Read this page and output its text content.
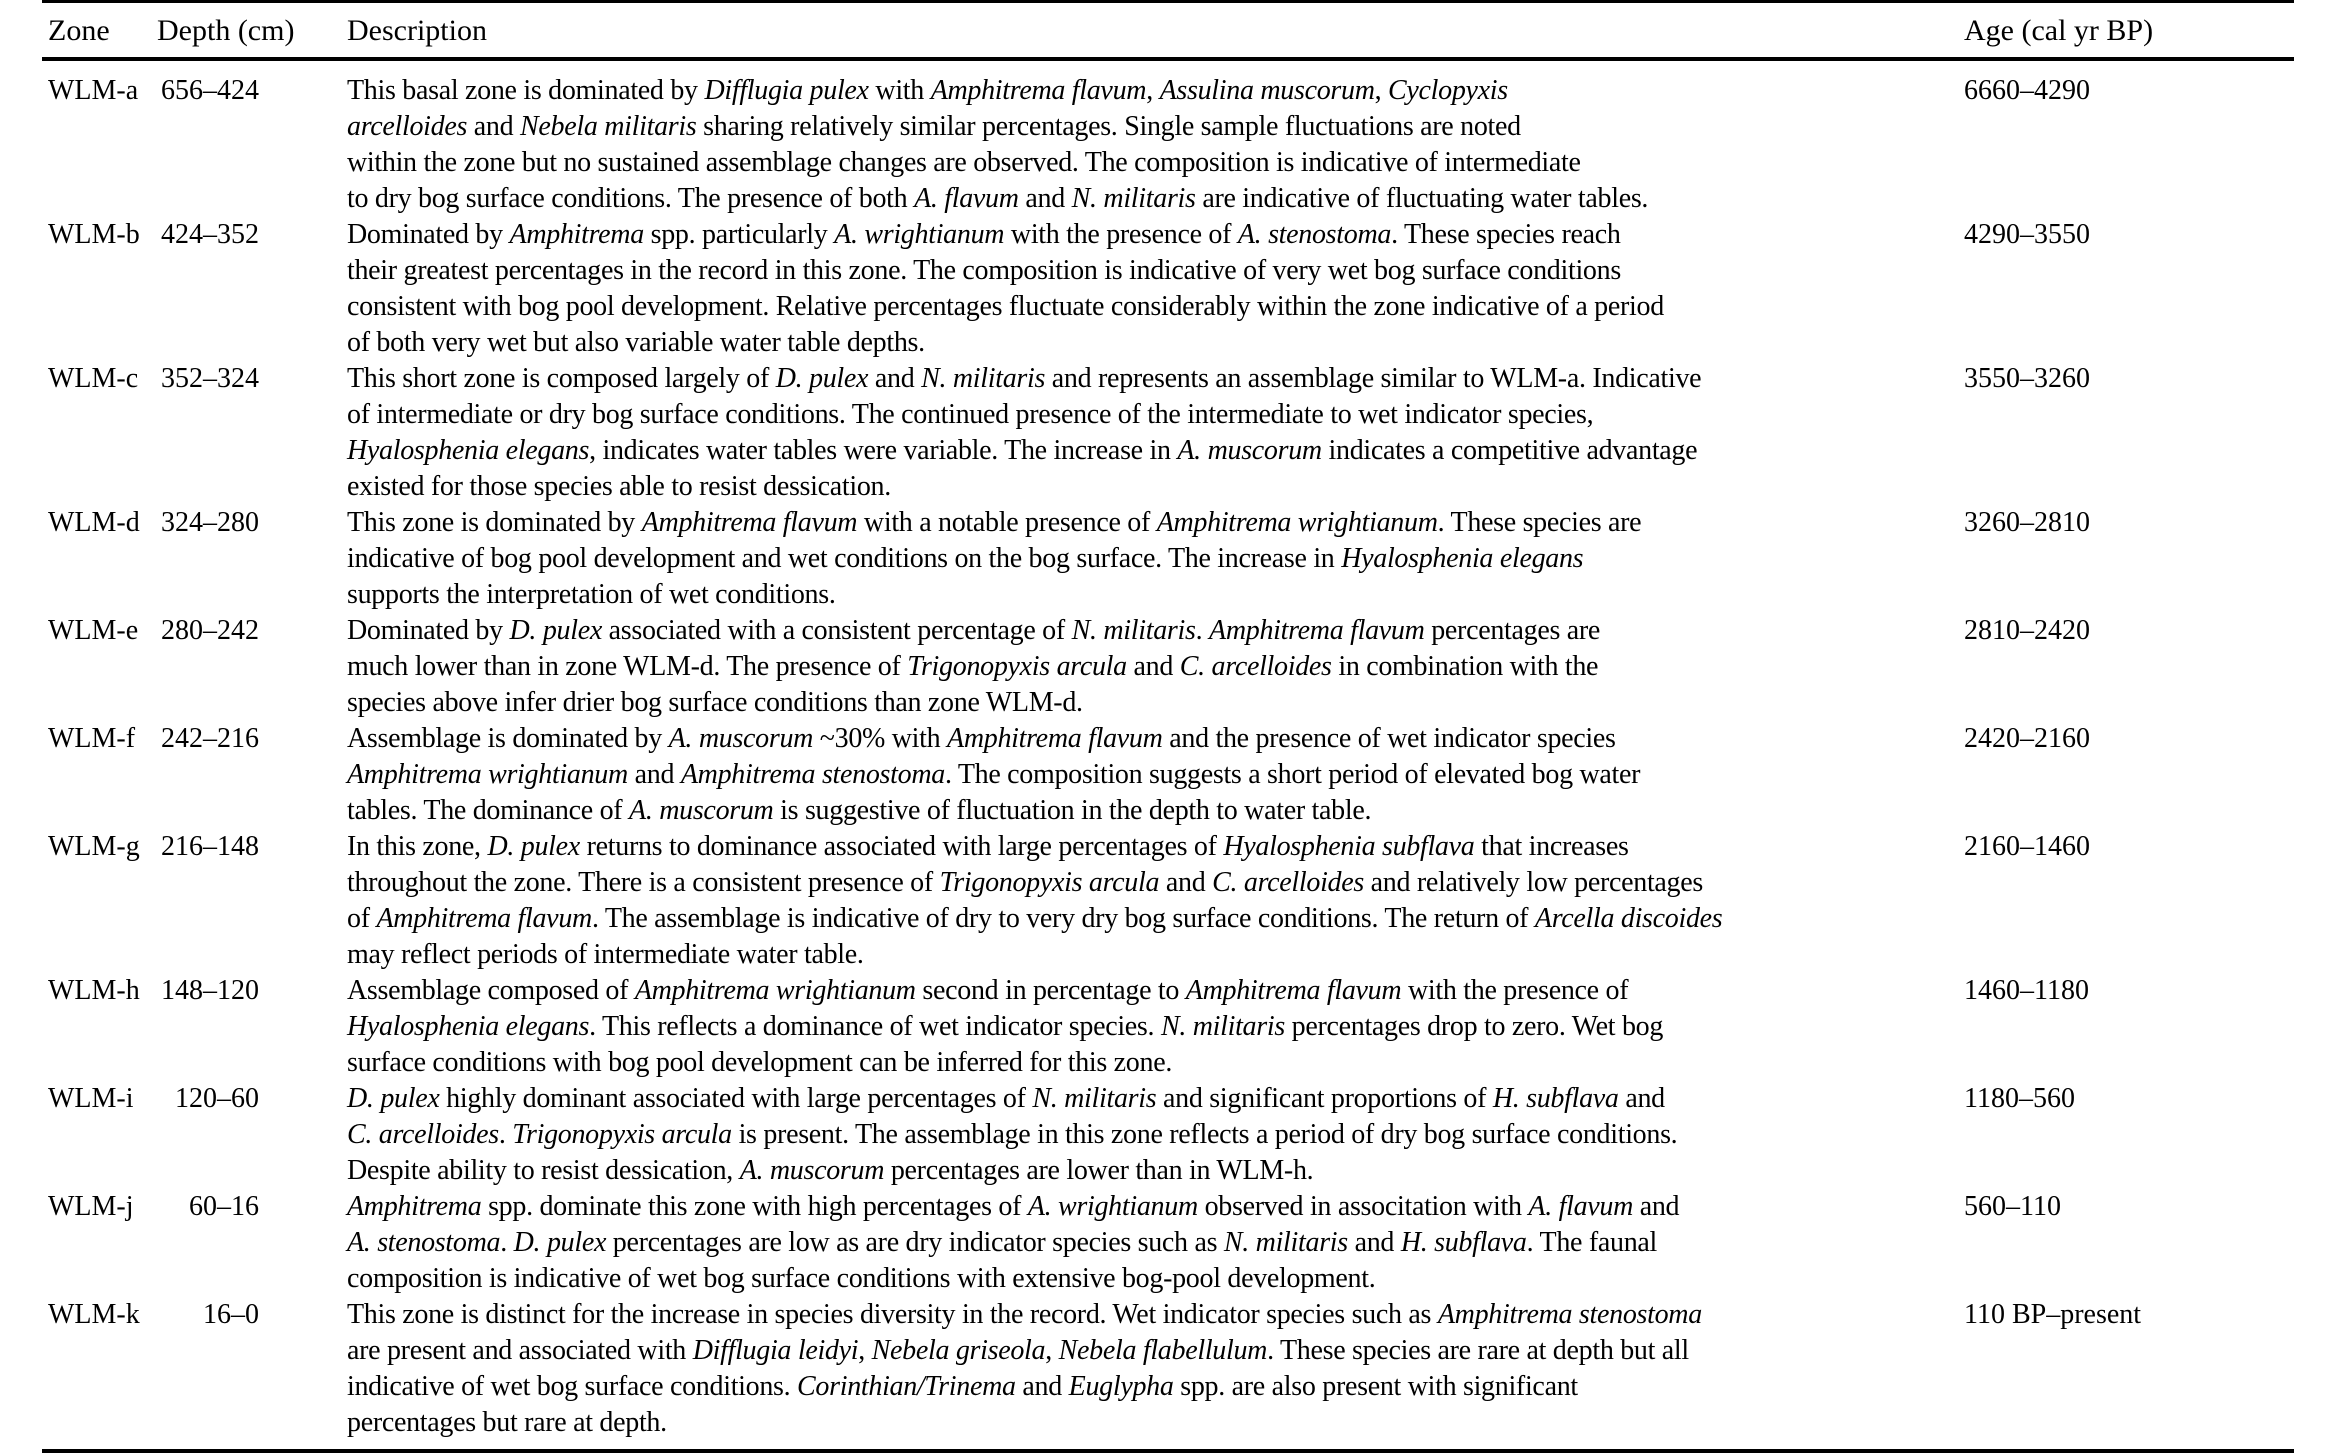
Zone	Depth (cm)	Description	Age (cal yr BP)
WLM-a	656–424	This basal zone is dominated by Difflugia pulex with Amphitrema flavum, Assulina muscorum, Cyclopyxis
arcelloides and Nebela militaris sharing relatively similar percentages. Single sample fluctuations are noted
within the zone but no sustained assemblage changes are observed. The composition is indicative of intermediate
to dry bog surface conditions. The presence of both A. flavum and N. militaris are indicative of fluctuating water tables.	6660–4290
WLM-b	424–352	Dominated by Amphitrema spp. particularly A. wrightianum with the presence of A. stenostoma. These species reach
their greatest percentages in the record in this zone. The composition is indicative of very wet bog surface conditions
consistent with bog pool development. Relative percentages fluctuate considerably within the zone indicative of a period
of both very wet but also variable water table depths.	4290–3550
WLM-c	352–324	This short zone is composed largely of D. pulex and N. militaris and represents an assemblage similar to WLM-a. Indicative
of intermediate or dry bog surface conditions. The continued presence of the intermediate to wet indicator species,
Hyalosphenia elegans, indicates water tables were variable. The increase in A. muscorum indicates a competitive advantage
existed for those species able to resist dessication.	3550–3260
WLM-d	324–280	This zone is dominated by Amphitrema flavum with a notable presence of Amphitrema wrightianum. These species are
indicative of bog pool development and wet conditions on the bog surface. The increase in Hyalosphenia elegans
supports the interpretation of wet conditions.	3260–2810
WLM-e	280–242	Dominated by D. pulex associated with a consistent percentage of N. militaris. Amphitrema flavum percentages are
much lower than in zone WLM-d. The presence of Trigonopyxis arcula and C. arcelloides in combination with the
species above infer drier bog surface conditions than zone WLM-d.	2810–2420
WLM-f	242–216	Assemblage is dominated by A. muscorum ~30% with Amphitrema flavum and the presence of wet indicator species
Amphitrema wrightianum and Amphitrema stenostoma. The composition suggests a short period of elevated bog water
tables. The dominance of A. muscorum is suggestive of fluctuation in the depth to water table.	2420–2160
WLM-g	216–148	In this zone, D. pulex returns to dominance associated with large percentages of Hyalosphenia subflava that increases
throughout the zone. There is a consistent presence of Trigonopyxis arcula and C. arcelloides and relatively low percentages
of Amphitrema flavum. The assemblage is indicative of dry to very dry bog surface conditions. The return of Arcella discoides
may reflect periods of intermediate water table.	2160–1460
WLM-h	148–120	Assemblage composed of Amphitrema wrightianum second in percentage to Amphitrema flavum with the presence of
Hyalosphenia elegans. This reflects a dominance of wet indicator species. N. militaris percentages drop to zero. Wet bog
surface conditions with bog pool development can be inferred for this zone.	1460–1180
WLM-i	120–60	D. pulex highly dominant associated with large percentages of N. militaris and significant proportions of H. subflava and
C. arcelloides. Trigonopyxis arcula is present. The assemblage in this zone reflects a period of dry bog surface conditions.
Despite ability to resist dessication, A. muscorum percentages are lower than in WLM-h.	1180–560
WLM-j	60–16	Amphitrema spp. dominate this zone with high percentages of A. wrightianum observed in associtation with A. flavum and
A. stenostoma. D. pulex percentages are low as are dry indicator species such as N. militaris and H. subflava. The faunal
composition is indicative of wet bog surface conditions with extensive bog-pool development.	560–110
WLM-k	16–0	This zone is distinct for the increase in species diversity in the record. Wet indicator species such as Amphitrema stenostoma
are present and associated with Difflugia leidyi, Nebela griseola, Nebela flabellulum. These species are rare at depth but all
indicative of wet bog surface conditions. Corinthian/Trinema and Euglypha spp. are also present with significant
percentages but rare at depth.	110 BP–present
